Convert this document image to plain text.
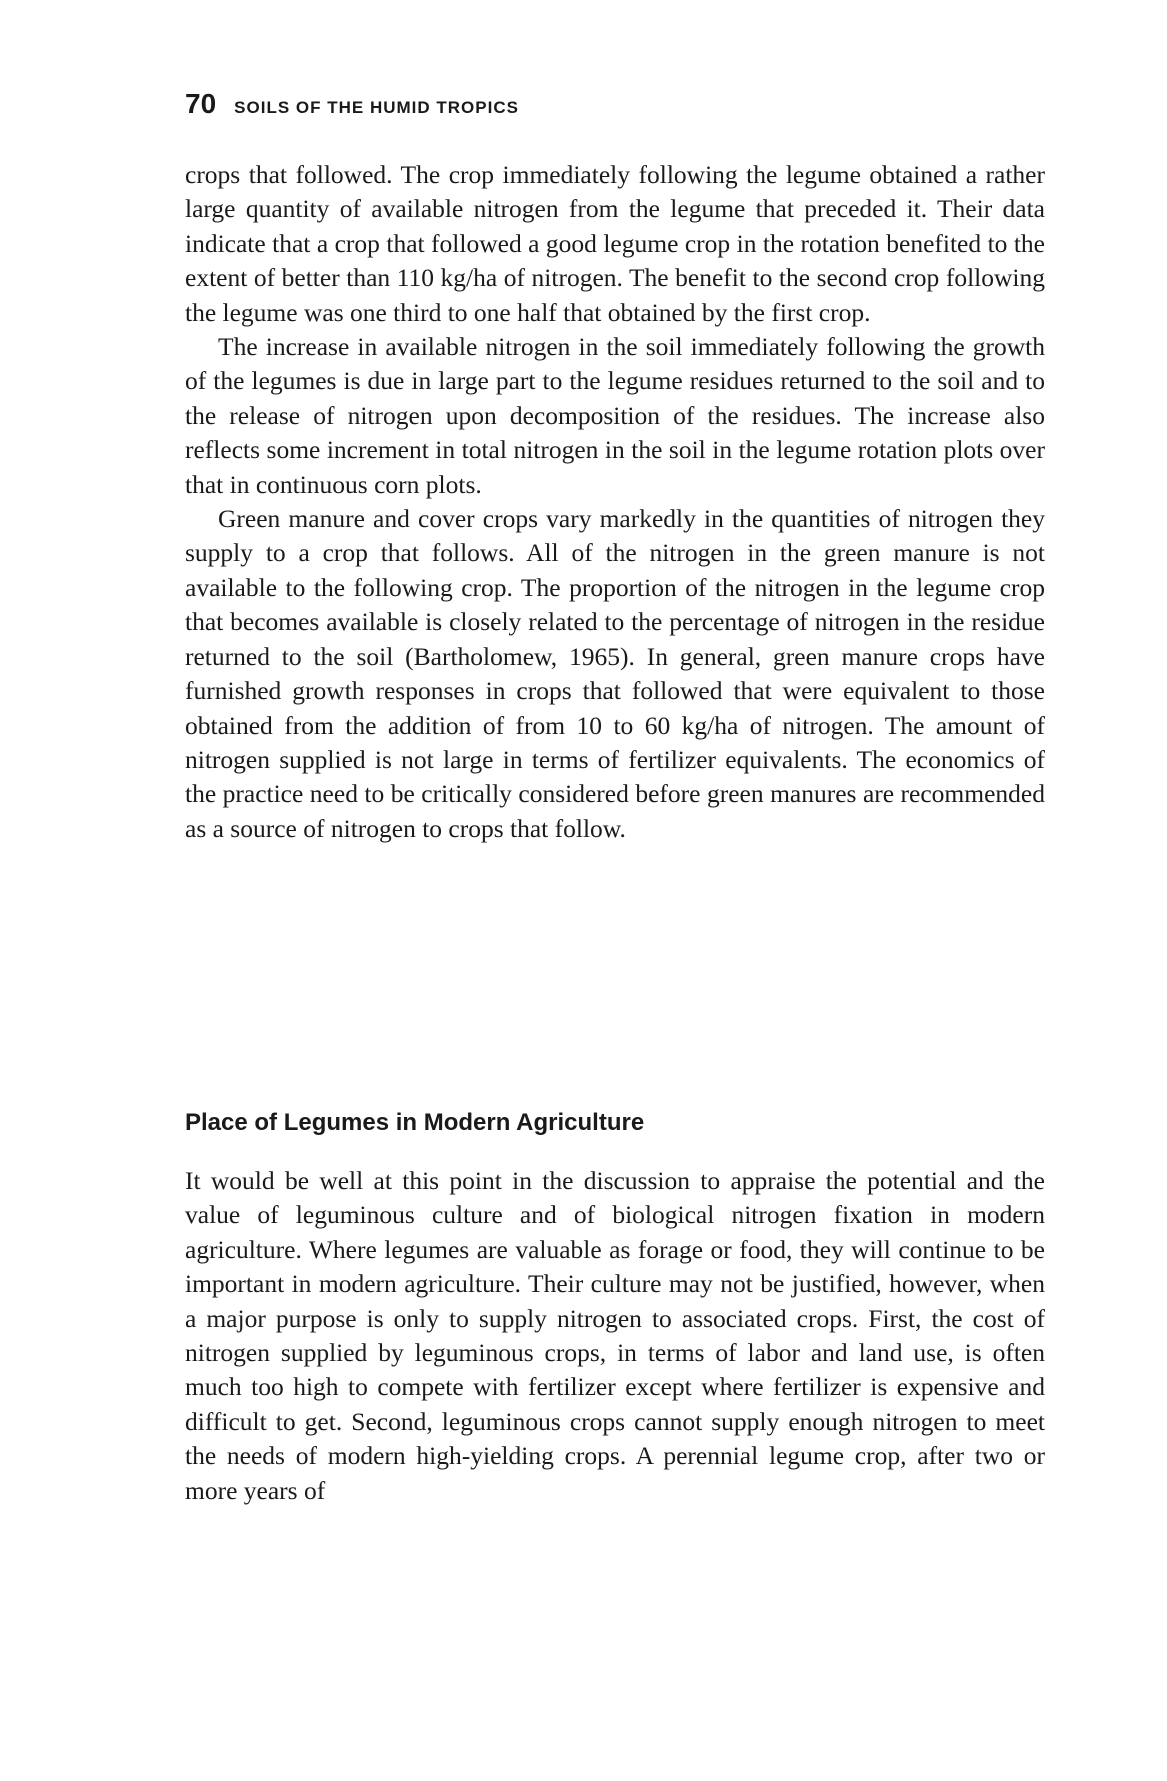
70 SOILS OF THE HUMID TROPICS

crops that followed. The crop immediately following the legume obtained a rather large quantity of available nitrogen from the legume that preceded it. Their data indicate that a crop that followed a good legume crop in the rotation benefited to the extent of better than 110 kg/ha of nitrogen. The benefit to the second crop following the legume was one third to one half that obtained by the first crop.

The increase in available nitrogen in the soil immediately following the growth of the legumes is due in large part to the legume residues returned to the soil and to the release of nitrogen upon decomposition of the residues. The increase also reflects some increment in total nitrogen in the soil in the legume rotation plots over that in continuous corn plots.

Green manure and cover crops vary markedly in the quantities of nitrogen they supply to a crop that follows. All of the nitrogen in the green manure is not available to the following crop. The proportion of the nitrogen in the legume crop that becomes available is closely related to the percentage of nitrogen in the residue returned to the soil (Bartholomew, 1965). In general, green manure crops have furnished growth responses in crops that followed that were equivalent to those obtained from the addition of from 10 to 60 kg/ha of nitrogen. The amount of nitrogen supplied is not large in terms of fertilizer equivalents. The economics of the practice need to be critically considered before green manures are recommended as a source of nitrogen to crops that follow.

Place of Legumes in Modern Agriculture

It would be well at this point in the discussion to appraise the potential and the value of leguminous culture and of biological nitrogen fixation in modern agriculture. Where legumes are valuable as forage or food, they will continue to be important in modern agriculture. Their culture may not be justified, however, when a major purpose is only to supply nitrogen to associated crops. First, the cost of nitrogen supplied by leguminous crops, in terms of labor and land use, is often much too high to compete with fertilizer except where fertilizer is expensive and difficult to get. Second, leguminous crops cannot supply enough nitrogen to meet the needs of modern high-yielding crops. A perennial legume crop, after two or more years of
